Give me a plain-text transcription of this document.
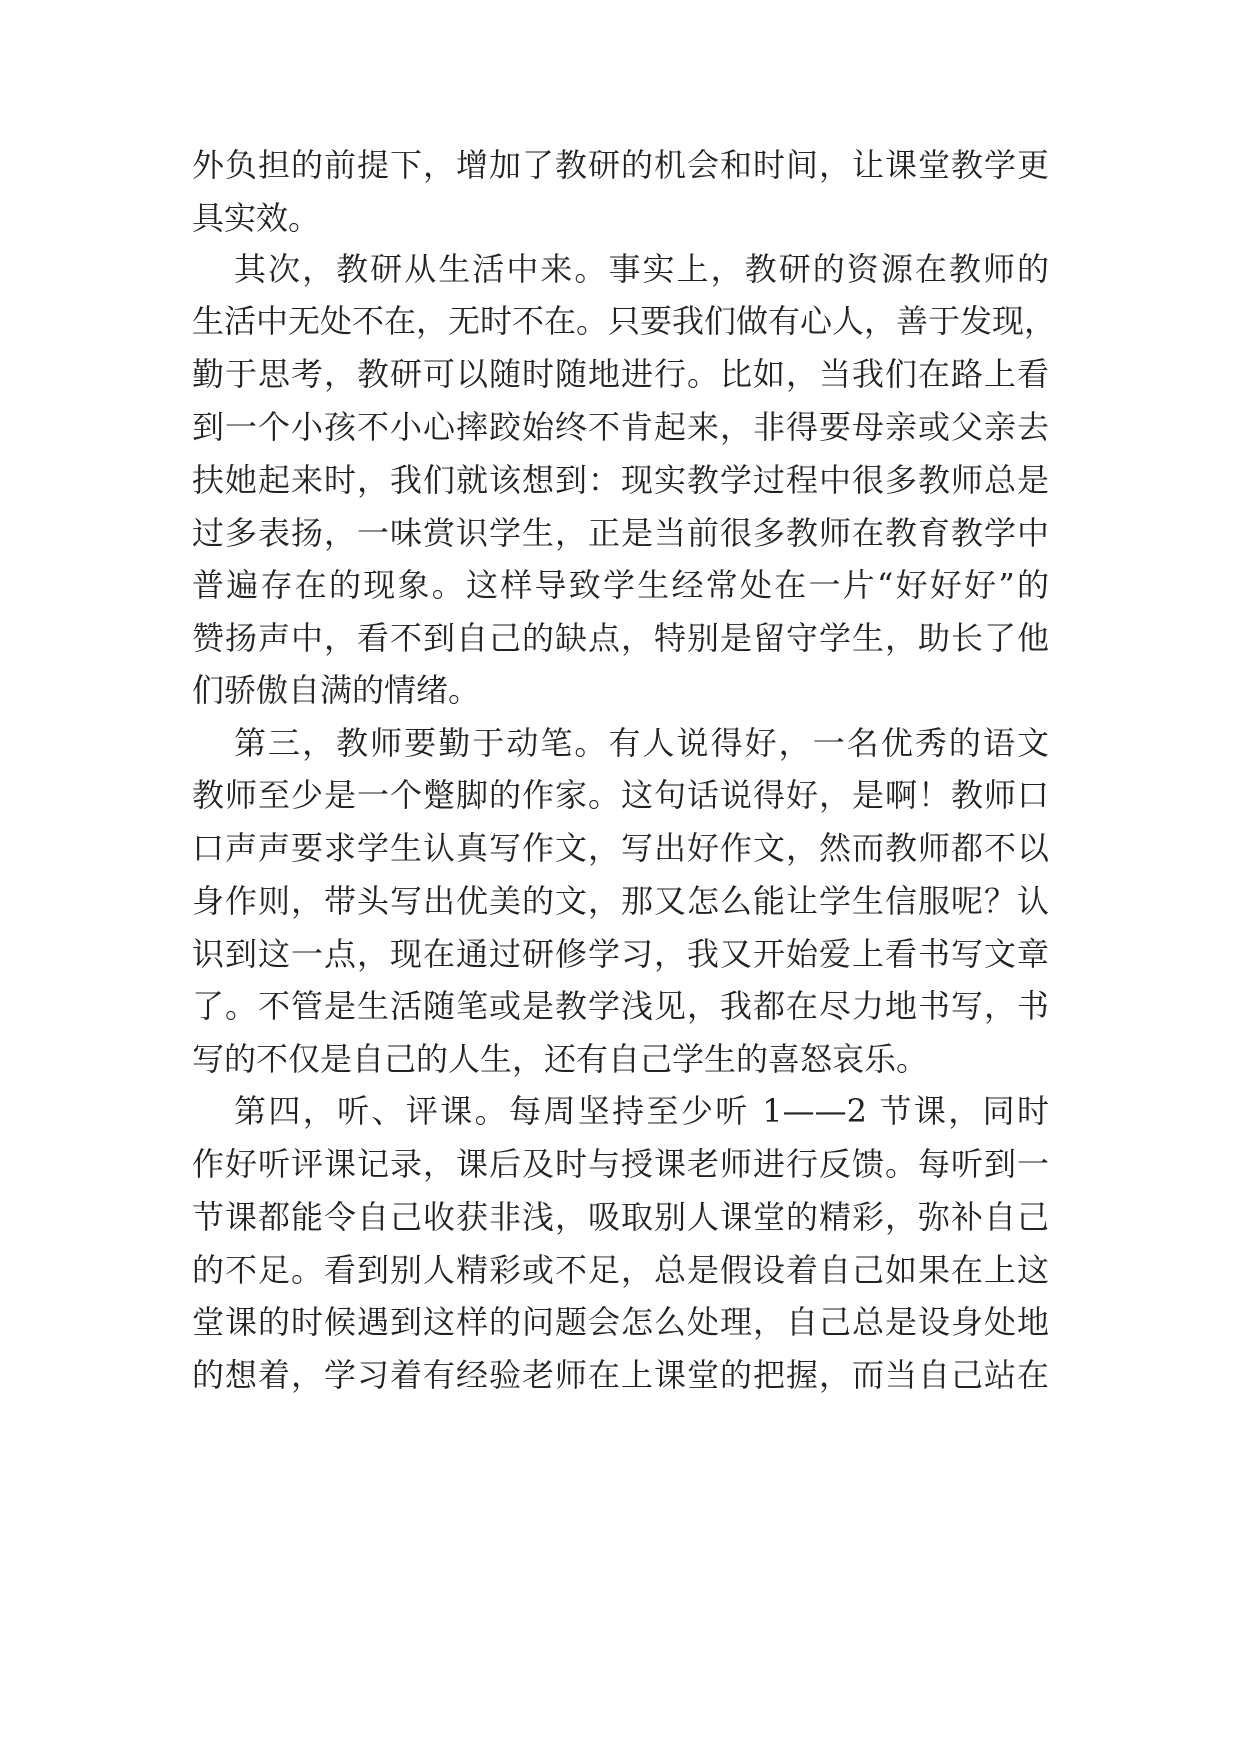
外负担的前提下，增加了教研的机会和时间，让课堂教学更
具实效。
其次，教研从生活中来。事实上，教研的资源在教师的
生活中无处不在，无时不在。只要我们做有心人，善于发现，
勤于思考，教研可以随时随地进行。比如，当我们在路上看
到一个小孩不小心摔跤始终不肯起来，非得要母亲或父亲去
扶她起来时，我们就该想到：现实教学过程中很多教师总是
过多表扬，一味赏识学生，正是当前很多教师在教育教学中
普遍存在的现象。这样导致学生经常处在一片“好好好”的
赞扬声中，看不到自己的缺点，特别是留守学生，助长了他
们骄傲自满的情绪。
第三，教师要勤于动笔。有人说得好，一名优秀的语文
教师至少是一个蹩脚的作家。这句话说得好，是啊！教师口
口声声要求学生认真写作文，写出好作文，然而教师都不以
身作则，带头写出优美的文，那又怎么能让学生信服呢？认
识到这一点，现在通过研修学习，我又开始爱上看书写文章
了。不管是生活随笔或是教学浅见，我都在尽力地书写，书
写的不仅是自己的人生，还有自己学生的喜怒哀乐。
第四，听、评课。每周坚持至少听 1——2 节课，同时
作好听评课记录，课后及时与授课老师进行反馈。每听到一
节课都能令自己收获非浅，吸取别人课堂的精彩，弥补自己
的不足。看到别人精彩或不足，总是假设着自己如果在上这
堂课的时候遇到这样的问题会怎么处理，自己总是设身处地
的想着，学习着有经验老师在上课堂的把握，而当自己站在
